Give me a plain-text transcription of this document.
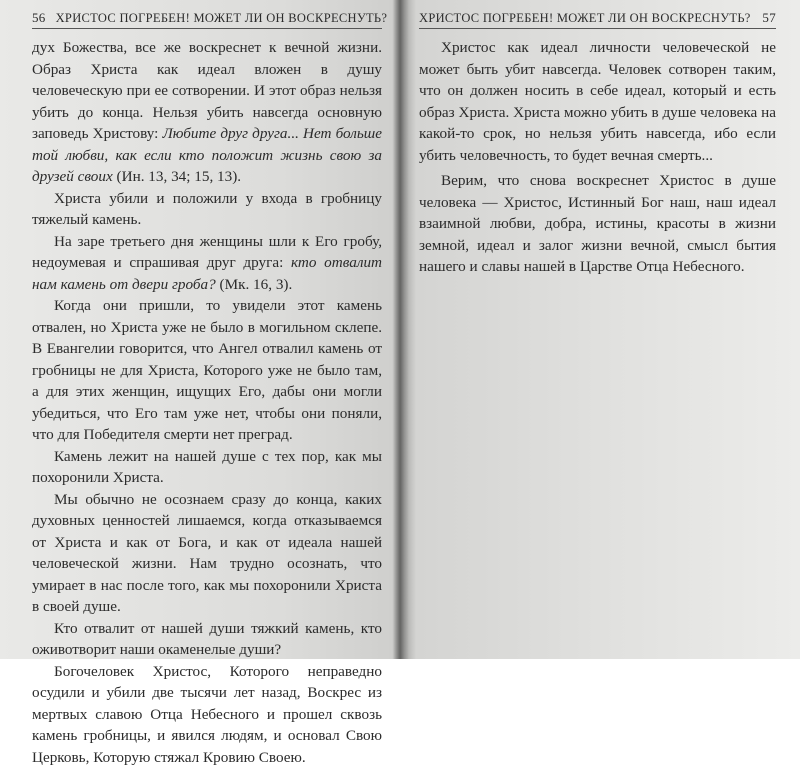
56 ХРИСТОС ПОГРЕБЕН! МОЖЕТ ЛИ ОН ВОСКРЕСНУТЬ?

дух Божества, все же воскреснет к вечной жизни. Образ Христа как идеал вложен в душу человеческую при ее сотворении. И этот образ нельзя убить до конца. Нельзя убить навсегда основную заповедь Христову: Любите друг друга... Нет больше той любви, как если кто положит жизнь свою за друзей своих (Ин. 13, 34; 15, 13).

Христа убили и положили у входа в гробницу тяжелый камень.

На заре третьего дня женщины шли к Его гробу, недоумевая и спрашивая друг друга: кто отвалит нам камень от двери гроба? (Мк. 16, 3).

Когда они пришли, то увидели этот камень отвален, но Христа уже не было в могильном склепе. В Евангелии говорится, что Ангел отвалил камень от гробницы не для Христа, Которого уже не было там, а для этих женщин, ищущих Его, дабы они могли убедиться, что Его там уже нет, чтобы они поняли, что для Победителя смерти нет преград.

Камень лежит на нашей душе с тех пор, как мы похоронили Христа.

Мы обычно не осознаем сразу до конца, каких духовных ценностей лишаемся, когда отказываемся от Христа и как от Бога, и как от идеала нашей человеческой жизни. Нам трудно осознать, что умирает в нас после того, как мы похоронили Христа в своей душе.

Кто отвалит от нашей души тяжкий камень, кто оживотворит наши окаменелые души?

Богочеловек Христос, Которого неправедно осудили и убили две тысячи лет назад, Воскрес из мертвых славою Отца Небесного и прошел сквозь камень гробницы, и явился людям, и основал Свою Церковь, Которую стяжал Кровию Своею.

ХРИСТОС ПОГРЕБЕН! МОЖЕТ ЛИ ОН ВОСКРЕСНУТЬ? 57

Христос как идеал личности человеческой не может быть убит навсегда. Человек сотворен таким, что он должен носить в себе идеал, который и есть образ Христа. Христа можно убить в душе человека на какой-то срок, но нельзя убить навсегда, ибо если убить человечность, то будет вечная смерть...

Верим, что снова воскреснет Христос в душе человека — Христос, Истинный Бог наш, наш идеал взаимной любви, добра, истины, красоты в жизни земной, идеал и залог жизни вечной, смысл бытия нашего и славы нашей в Царстве Отца Небесного.
